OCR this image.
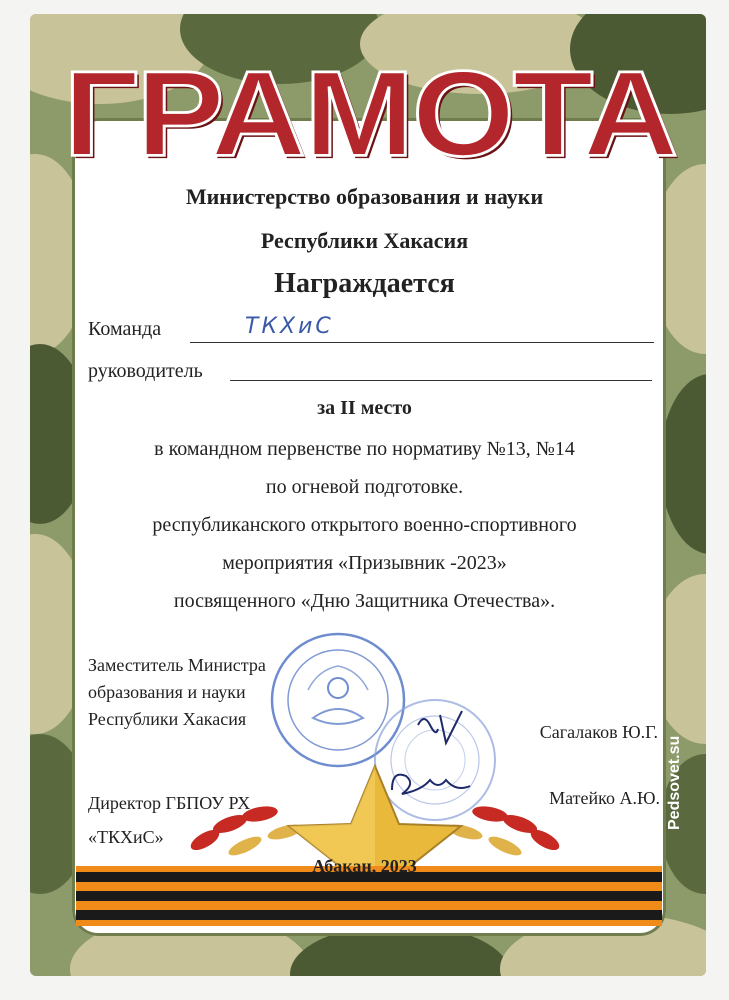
ГРАМОТА
Министерство образования и науки
Республики Хакасия
Награждается
Команда	ТКХиС
руководитель
за II место
в командном первенстве по нормативу №13, №14
по огневой подготовке.
республиканского открытого военно-спортивного
мероприятия «Призывник -2023»
посвященного «Дню Защитника Отечества».
Заместитель Министра
образования и науки
Республики Хакасия
Сагалаков Ю.Г.
Директор ГБПОУ РХ
«ТКХиС»
Матейко А.Ю.
Абакан, 2023
Pedsovet.su
